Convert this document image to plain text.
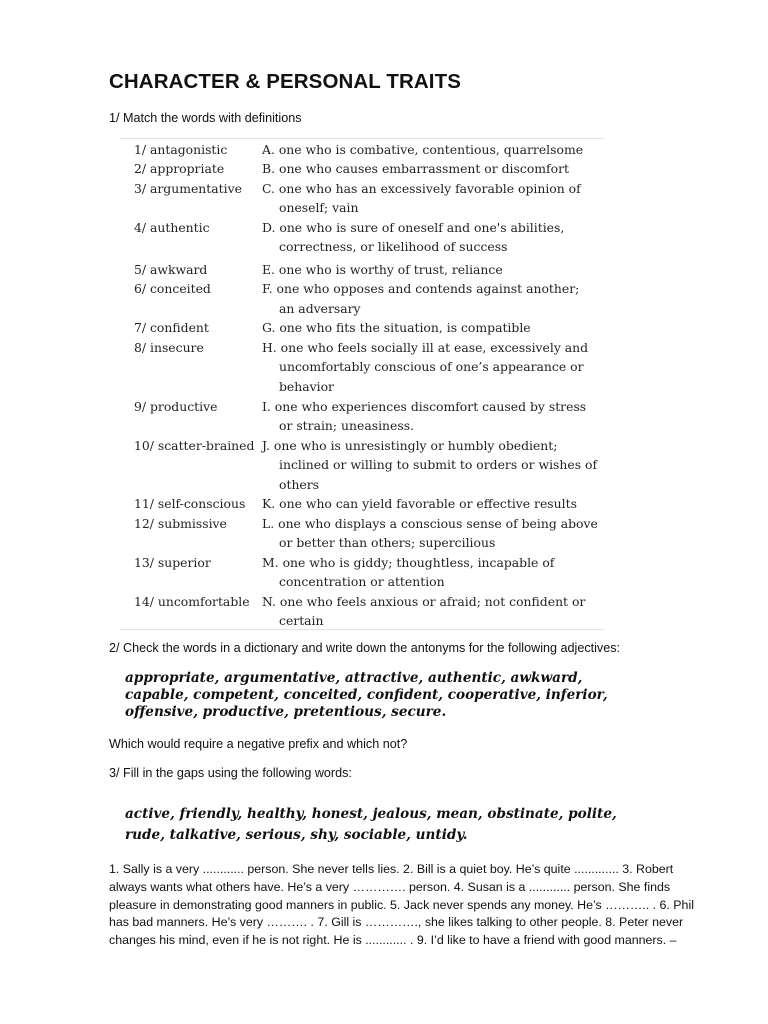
CHARACTER & PERSONAL TRAITS
1/ Match the words with definitions
1/ antagonistic	A. one who is combative, contentious, quarrelsome
2/ appropriate	B. one who causes embarrassment or discomfort
3/ argumentative C. one who has an excessively favorable opinion of
oneself; vain
4/ authentic	D. one who is sure of oneself and one's abilities,
correctness, or likelihood of success
5/ awkward	E. one who is worthy of trust, reliance
6/ conceited	F. one who opposes and contends against another;
an adversary
7/ confident	G. one who fits the situation, is compatible
8/ insecure	H. one who feels socially ill at ease, excessively and
uncomfortably conscious of one’s appearance or
behavior
9/ productive	I. one who experiences discomfort caused by stress
or strain; uneasiness.
10/ scatter-brained J. one who is unresistingly or humbly obedient;
inclined or willing to submit to orders or wishes of
others
11/ self-conscious K. one who can yield favorable or effective results
12/ submissive	L. one who displays a conscious sense of being above
or better than others; supercilious
13/ superior	M. one who is giddy; thoughtless, incapable of
concentration or attention
14/ uncomfortable N. one who feels anxious or afraid; not confident or
certain
2/ Check the words in a dictionary and write down the antonyms for the following adjectives:
appropriate, argumentative, attractive, authentic, awkward,
capable, competent, conceited, confident, cooperative, inferior,
offensive, productive, pretentious, secure.
Which would require a negative prefix and which not?
3/ Fill in the gaps using the following words:
active, friendly, healthy, honest, jealous, mean, obstinate, polite,
rude, talkative, serious, shy, sociable, untidy.
1. Sally is a very ............ person. She never tells lies. 2. Bill is a quiet boy. He’s quite ............. 3. Robert
always wants what others have. He’s a very …………. person. 4. Susan is a ............ person. She finds
pleasure in demonstrating good manners in public. 5. Jack never spends any money. He’s ……….. . 6. Phil
has bad manners. He’s very ………. . 7. Gill is …………., she likes talking to other people. 8. Peter never
changes his mind, even if he is not right. He is ............ . 9. I’d like to have a friend with good manners. –
